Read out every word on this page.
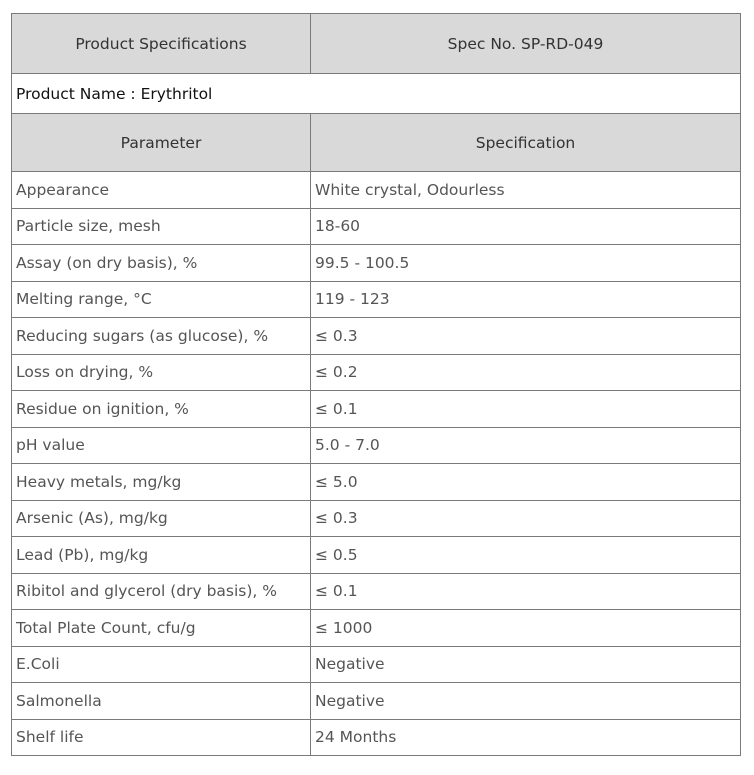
Product Specifications	Spec No. SP-RD-049
Product Name : Erythritol	
Parameter	Specification
Appearance	White crystal, Odourless
Particle size, mesh	18-60
Assay (on dry basis), %	99.5 - 100.5
Melting range, °C	119 - 123
Reducing sugars (as glucose), %	≤ 0.3
Loss on drying, %	≤ 0.2
Residue on ignition, %	≤ 0.1
pH value	5.0 - 7.0
Heavy metals, mg/kg	≤ 5.0
Arsenic (As), mg/kg	≤ 0.3
Lead (Pb), mg/kg	≤ 0.5
Ribitol and glycerol (dry basis), %	≤ 0.1
Total Plate Count, cfu/g	≤ 1000
E.Coli	Negative
Salmonella	Negative
Shelf life	24 Months
